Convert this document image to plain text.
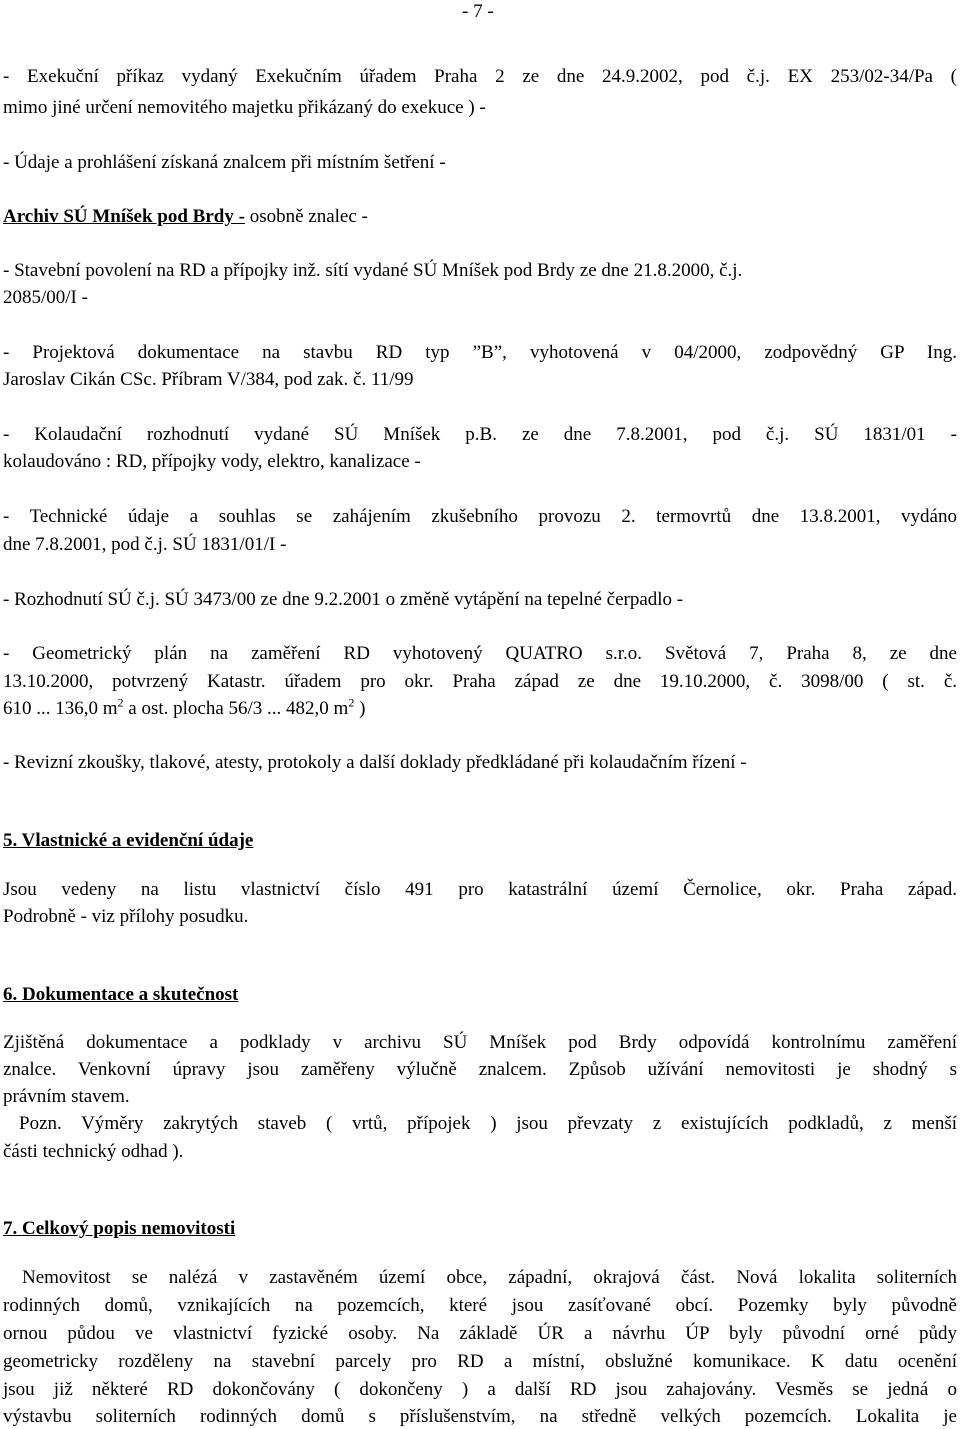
- 7 -
- Exekuční příkaz vydaný Exekučním úřadem Praha 2 ze dne 24.9.2002, pod č.j. EX 253/02-34/Pa (
mimo jiné určení nemovitého majetku přikázaný do exekuce ) -
- Údaje a prohlášení získaná znalcem při místním šetření -
Archiv SÚ Mníšek pod Brdy - osobně znalec -
- Stavební povolení na RD a přípojky inž. sítí vydané SÚ Mníšek pod Brdy ze dne 21.8.2000, č.j.
2085/00/I -
- Projektová dokumentace na stavbu RD typ ”B”, vyhotovená v 04/2000, zodpovědný GP Ing.
Jaroslav Cikán CSc. Příbram V/384, pod zak. č. 11/99
- Kolaudační rozhodnutí vydané SÚ Mníšek p.B. ze dne 7.8.2001, pod č.j. SÚ 1831/01 -
kolaudováno : RD, přípojky vody, elektro, kanalizace -
- Technické údaje a souhlas se zahájením zkušebního provozu 2. termovrtů dne 13.8.2001, vydáno
dne 7.8.2001, pod č.j. SÚ 1831/01/I -
- Rozhodnutí SÚ č.j. SÚ 3473/00 ze dne 9.2.2001 o změně vytápění na tepelné čerpadlo -
- Geometrický plán na zaměření RD vyhotovený QUATRO s.r.o. Světová 7, Praha 8, ze dne
13.10.2000, potvrzený Katastr. úřadem pro okr. Praha západ ze dne 19.10.2000, č. 3098/00 ( st. č.
610 ... 136,0 $m^2$ a ost. plocha 56/3 ... 482,0 $m^2$ )
- Revizní zkoušky, tlakové, atesty, protokoly a další doklady předkládané při kolaudačním řízení -
5. Vlastnické a evidenční údaje
Jsou vedeny na listu vlastnictví číslo 491 pro katastrální území Černolice, okr. Praha západ.
Podrobně - viz přílohy posudku.
6. Dokumentace a skutečnost
Zjištěná dokumentace a podklady v archivu SÚ Mníšek pod Brdy odpovídá kontrolnímu zaměření
znalce. Venkovní úpravy jsou zaměřeny výlučně znalcem. Způsob užívání nemovitosti je shodný s
právním stavem.
Pozn. Výměry zakrytých staveb ( vrtů, přípojek ) jsou převzaty z existujících podkladů, z menší
části technický odhad ).
7. Celkový popis nemovitosti
Nemovitost se nalézá v zastavěném území obce, západní, okrajová část. Nová lokalita soliterních
rodinných domů, vznikajících na pozemcích, které jsou zasíťované obcí. Pozemky byly původně
ornou půdou ve vlastnictví fyzické osoby. Na základě ÚR a návrhu ÚP byly původní orné půdy
geometricky rozděleny na stavební parcely pro RD a místní, obslužné komunikace. K datu ocenění
jsou již některé RD dokončovány ( dokončeny ) a další RD jsou zahajovány. Vesměs se jedná o
výstavbu soliterních rodinných domů s příslušenstvím, na středně velkých pozemcích. Lokalita je
